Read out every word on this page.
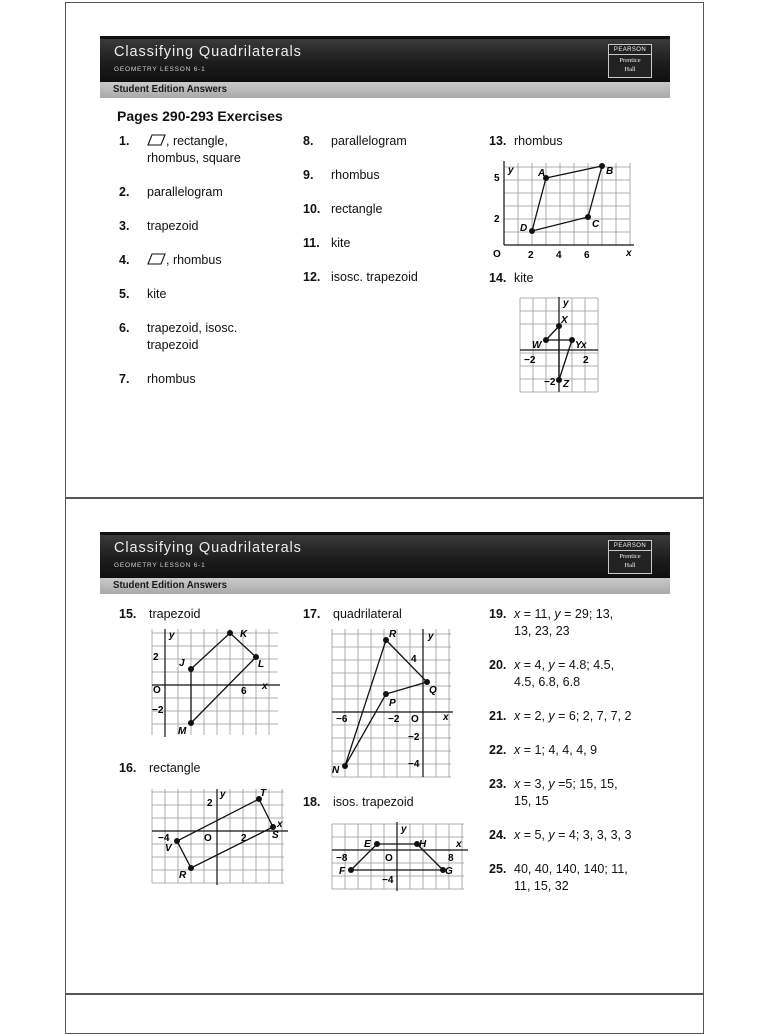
Classifying Quadrilaterals
GEOMETRY LESSON 6-1
PEARSON
Prentice
Hall
Student Edition Answers
Pages 290-293 Exercises
1.	, rectangle,
rhombus, square
2. parallelogram
3. trapezoid
4.	, rhombus
5. kite
6. trapezoid, isosc.
trapezoid
7. rhombus
8. parallelogram
9. rhombus
10. rectangle
11. kite
12. isosc. trapezoid
13. rhombus
y
x
O	2 4 6
2
5	A	B
C
D
14. kite
y
x
−2	2
−2
X
W	Y
Z
Classifying Quadrilaterals
GEOMETRY LESSON 6-1
PEARSON
Prentice
Hall
Student Edition Answers
15. trapezoid
y
x
O	6
2
−2
K
L
M
J
16. rectangle
y
x
O
−4	2
2
T
S
R
V
17. quadrilateral
y
x
O
−6	−2
4
−2
−4
R
Q
P
N
18. isos. trapezoid
y
x
O
−8	8
−4
E	H
G
F
19. x = 11, y = 29; 13,
13, 23, 23
20. x = 4, y = 4.8; 4.5,
4.5, 6.8, 6.8
21. x = 2, y = 6; 2, 7, 7, 2
22. x = 1; 4, 4, 4, 9
23. x = 3, y =5; 15, 15,
15, 15
24. x = 5, y = 4; 3, 3, 3, 3
25. 40, 40, 140, 140; 11,
11, 15, 32
